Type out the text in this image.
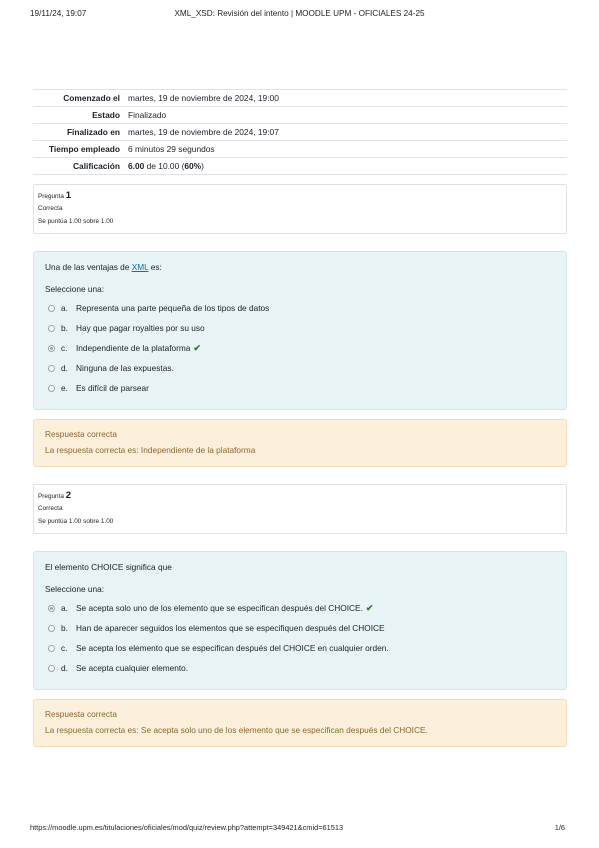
19/11/24, 19:07	XML_XSD: Revisión del intento | MOODLE UPM - OFICIALES 24-25
Comenzado el	martes, 19 de noviembre de 2024, 19:00
Estado	Finalizado
Finalizado en	martes, 19 de noviembre de 2024, 19:07
Tiempo empleado	6 minutos 29 segundos
Calificación	6.00 de 10.00 (60%)
Pregunta 1
Correcta
Se puntúa 1.00 sobre 1.00
Una de las ventajas de XML es:
Seleccione una:
a. Representa una parte pequeña de los tipos de datos
b. Hay que pagar royalties por su uso
c.	Independiente de la plataforma ✔
d. Ninguna de las expuestas.
e. Es difícil de parsear
Respuesta correcta
La respuesta correcta es: Independiente de la plataforma
Pregunta 2
Correcta
Se puntúa 1.00 sobre 1.00
El elemento CHOICE significa que
Seleccione una:
a. Se acepta solo uno de los elemento que se especifican después del CHOICE. ✔
b. Han de aparecer seguidos los elementos que se especifiquen después del CHOICE
c.	Se acepta los elemento que se especifican después del CHOICE en cualquier orden.
d. Se acepta cualquier elemento.
Respuesta correcta
La respuesta correcta es: Se acepta solo uno de los elemento que se especifican después del CHOICE.
https://moodle.upm.es/titulaciones/oficiales/mod/quiz/review.php?attempt=349421&cmid=61513	1/6
